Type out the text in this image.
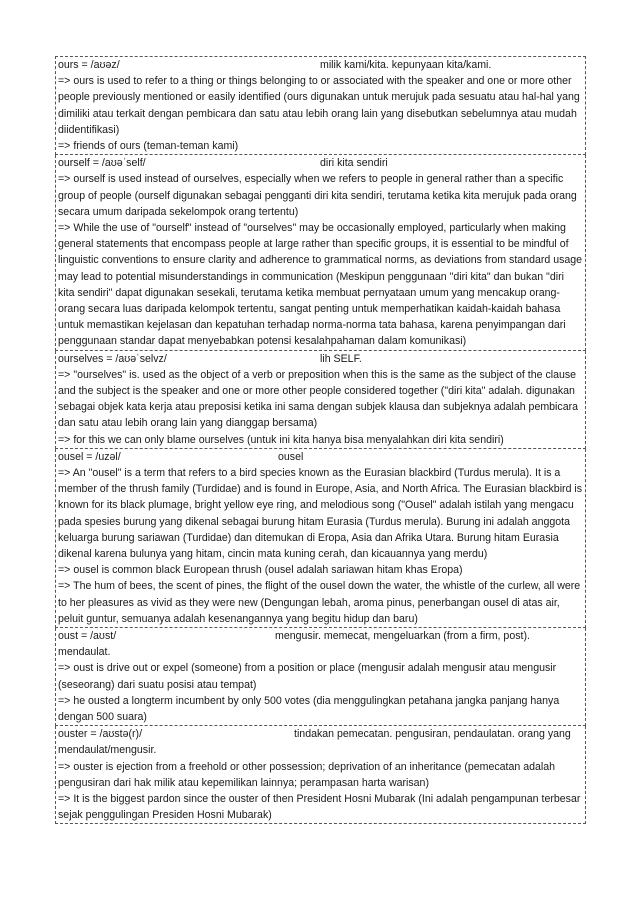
ours = /aʊəz/	milik kami/kita. kepunyaan kita/kami.

=> ours is used to refer to a thing or things belonging to or associated with the speaker and one or more other people previously mentioned or easily identified (ours digunakan untuk merujuk pada sesuatu atau hal-hal yang dimiliki atau terkait dengan pembicara dan satu atau lebih orang lain yang disebutkan sebelumnya atau mudah diidentifikasi)

=> friends of ours (teman-teman kami)

ourself = /aʊəˈself/	diri kita sendiri

=> ourself is used instead of ourselves, especially when we refers to people in general rather than a specific group of people (ourself digunakan sebagai pengganti diri kita sendiri, terutama ketika kita merujuk pada orang secara umum daripada sekelompok orang tertentu)

=> While the use of "ourself" instead of "ourselves" may be occasionally employed, particularly when making general statements that encompass people at large rather than specific groups, it is essential to be mindful of linguistic conventions to ensure clarity and adherence to grammatical norms, as deviations from standard usage may lead to potential misunderstandings in communication (Meskipun penggunaan "diri kita" dan bukan "diri kita sendiri" dapat digunakan sesekali, terutama ketika membuat pernyataan umum yang mencakup orang-orang secara luas daripada kelompok tertentu, sangat penting untuk memperhatikan kaidah-kaidah bahasa untuk memastikan kejelasan dan kepatuhan terhadap norma-norma tata bahasa, karena penyimpangan dari penggunaan standar dapat menyebabkan potensi kesalahpahaman dalam komunikasi)

ourselves = /aʊəˈselvz/	lih SELF.

=> "ourselves" is. used as the object of a verb or preposition when this is the same as the subject of the clause and the subject is the speaker and one or more other people considered together ("diri kita" adalah. digunakan sebagai objek kata kerja atau preposisi ketika ini sama dengan subjek klausa dan subjeknya adalah pembicara dan satu atau lebih orang lain yang dianggap bersama)

=> for this we can only blame ourselves (untuk ini kita hanya bisa menyalahkan diri kita sendiri)

ousel = /uzəl/	ousel

=> An "ousel" is a term that refers to a bird species known as the Eurasian blackbird (Turdus merula). It is a member of the thrush family (Turdidae) and is found in Europe, Asia, and North Africa. The Eurasian blackbird is known for its black plumage, bright yellow eye ring, and melodious song ("Ousel" adalah istilah yang mengacu pada spesies burung yang dikenal sebagai burung hitam Eurasia (Turdus merula). Burung ini adalah anggota keluarga burung sariawan (Turdidae) dan ditemukan di Eropa, Asia dan Afrika Utara. Burung hitam Eurasia dikenal karena bulunya yang hitam, cincin mata kuning cerah, dan kicauannya yang merdu)

=> ousel is common black European thrush (ousel adalah sariawan hitam khas Eropa)

=> The hum of bees, the scent of pines, the flight of the ousel down the water, the whistle of the curlew, all were to her pleasures as vivid as they were new (Dengungan lebah, aroma pinus, penerbangan ousel di atas air, peluit guntur, semuanya adalah kesenangannya yang begitu hidup dan baru)

oust = /aʊst/	mengusir. memecat, mengeluarkan (from a firm, post).

mendaulat.

=> oust is drive out or expel (someone) from a position or place (mengusir adalah mengusir atau mengusir (seseorang) dari suatu posisi atau tempat)

=> he ousted a longterm incumbent by only 500 votes (dia menggulingkan petahana jangka panjang hanya dengan 500 suara)

ouster = /aʊstə(r)/	tindakan pemecatan. pengusiran, pendaulatan. orang yang

mendaulat/mengusir.

=> ouster is ejection from a freehold or other possession; deprivation of an inheritance (pemecatan adalah pengusiran dari hak milik atau kepemilikan lainnya; perampasan harta warisan)

=> It is the biggest pardon since the ouster of then President Hosni Mubarak (Ini adalah pengampunan terbesar sejak penggulingan Presiden Hosni Mubarak)
